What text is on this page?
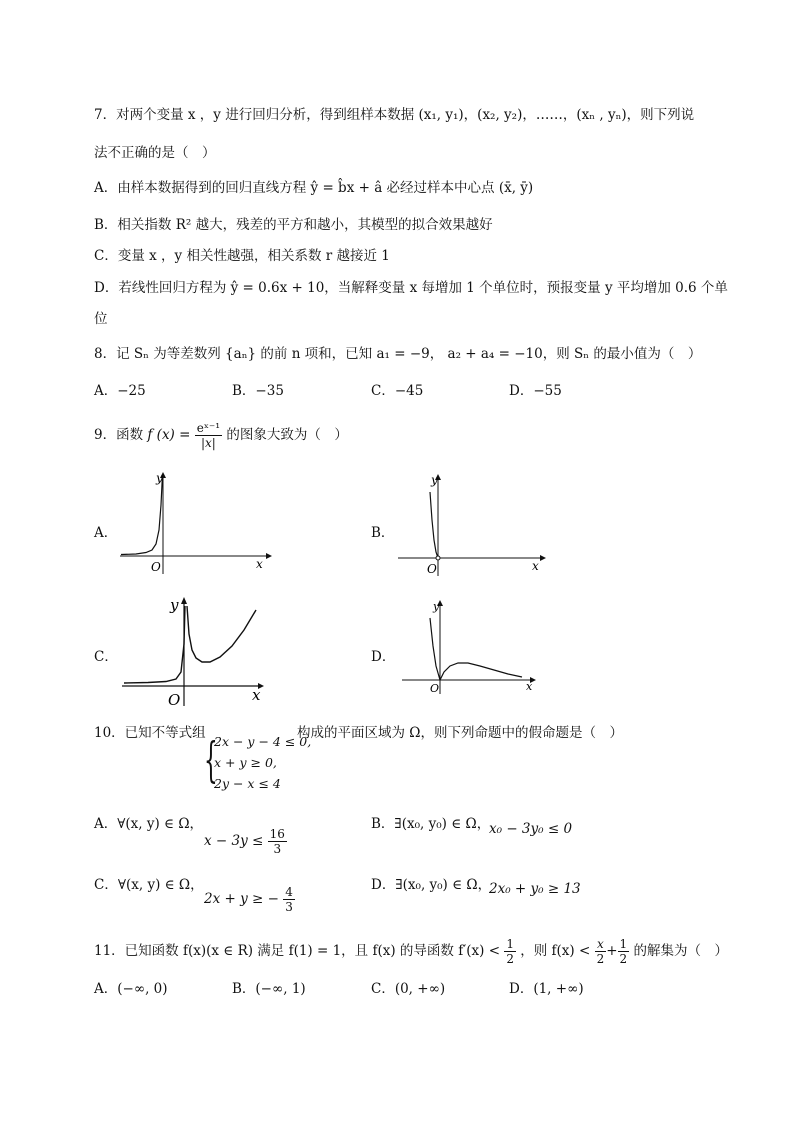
7．对两个变量 x ，y 进行回归分析，得到组样本数据 (x₁, y₁)，(x₂, y₂)，……，(xₙ , yₙ)，则下列说
法不正确的是（　）
A．由样本数据得到的回归直线方程 ŷ = b̂x + â 必经过样本中心点 (x̄, ȳ)
B．相关指数 R² 越大，残差的平方和越小，其模型的拟合效果越好
C．变量 x ，y 相关性越强，相关系数 r 越接近 1
D．若线性回归方程为 ŷ = 0.6x + 10，当解释变量 x 每增加 1 个单位时，预报变量 y 平均增加 0.6 个单
位
8．记 Sₙ 为等差数列 {aₙ} 的前 n 项和，已知 a₁ = −9， a₂ + a₄ = −10，则 Sₙ 的最小值为（　）
A．−25	B．−35	C．−45	D．−55
9．函数 f $(x) = \frac{\text{eˣ⁻¹}}{|x|}$ 的图象大致为（　）
A．
y
x
O
B．
y
x
O
C．
y
x
O
D．
y
x
O
10．已知不等式组
{
2x − y − 4 ≤ 0,
x + y ≥ 0,
2y − x ≤ 4
构成的平面区域为 Ω，则下列命题中的假命题是（　）
A．∀(x, y) ∈ Ω，
$x - 3y \le \frac{16}{3}$
B．∃(x₀, y₀) ∈ Ω，
x₀ − 3y₀ ≤ 0
C．∀(x, y) ∈ Ω，
2x + y ≥ − $\frac{4}{3}$	D．∃(x₀, y₀) ∈ Ω，
2x₀ + y₀ ≥ 13
11．已知函数 f(x)(x ∈ R) 满足 f(1) = 1，且 f(x) 的导函数 $f'(x) < \frac{1}{2}$ ，则 $f(x) < \frac{x}{2} + \frac{1}{2}$ 的解集为（　）
A．(−∞, 0)	B．(−∞, 1)	C．(0, +∞)	D．(1, +∞)
